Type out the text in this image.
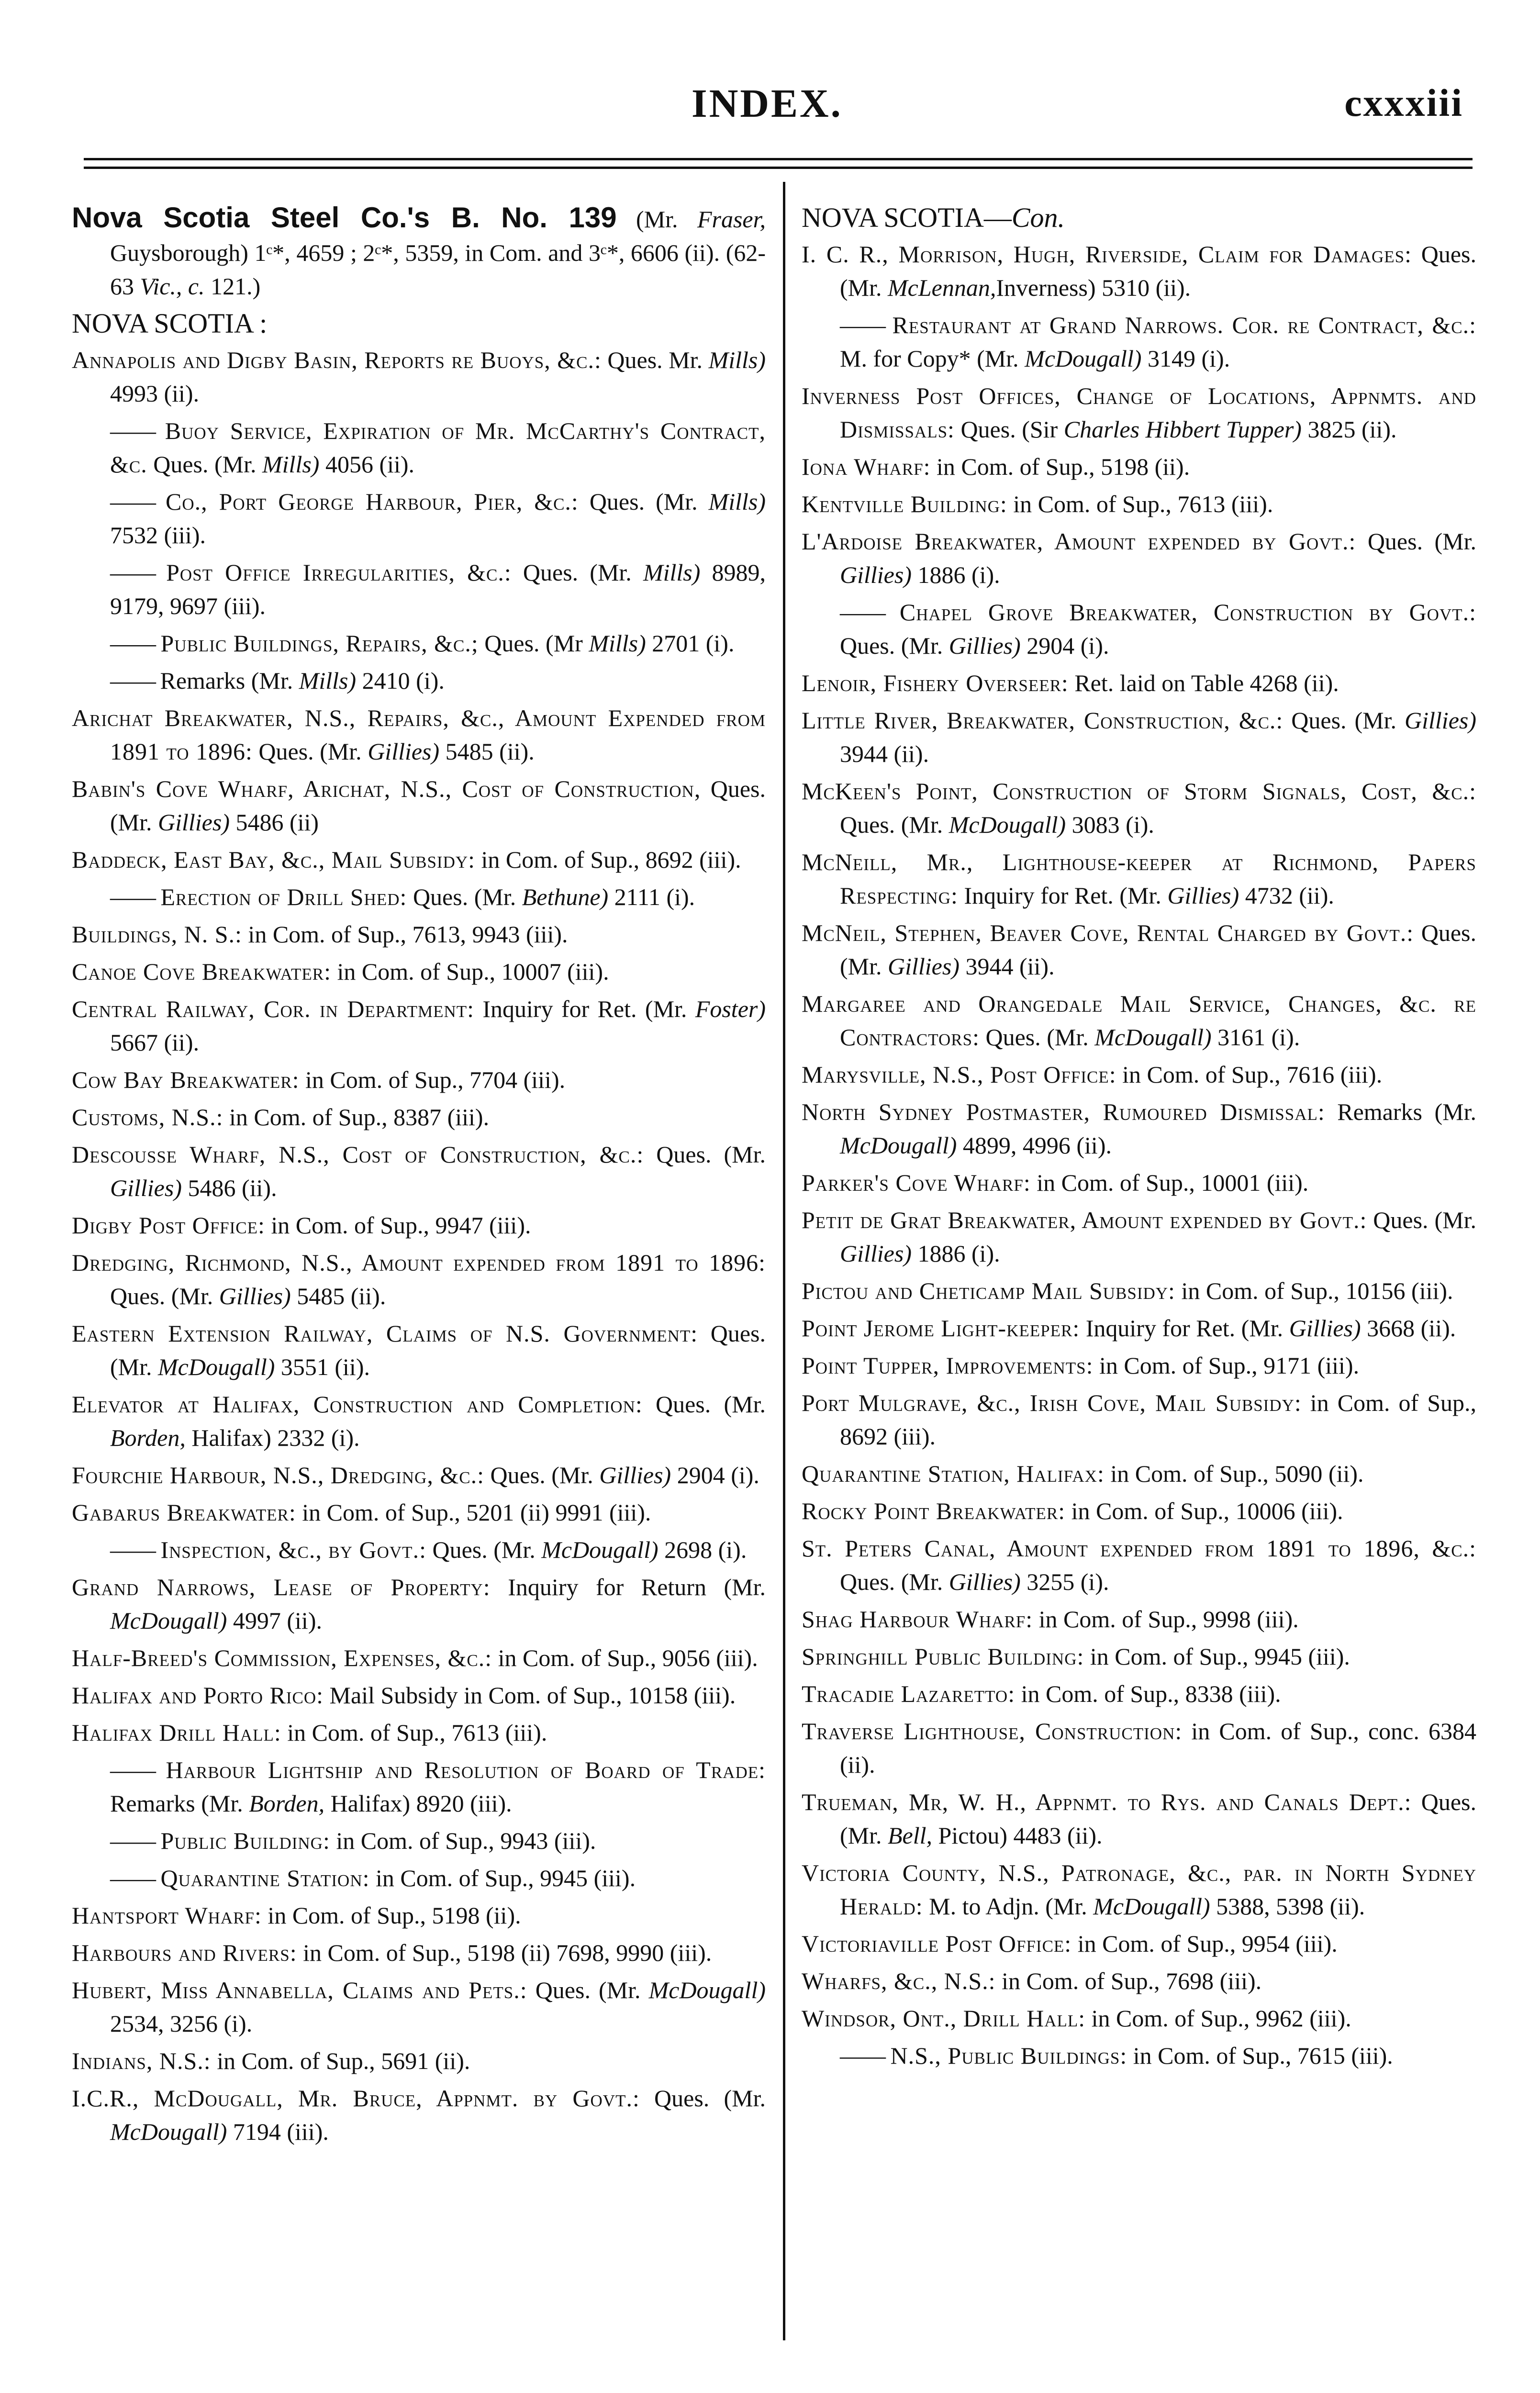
INDEX.	cxxxiii
Nova Scotia Steel Co.'s B. No. 139 (Mr. Fraser, Guysborough) 1ᶜ*, 4659 ; 2ᶜ*, 5359, in Com. and 3ᶜ*, 6606 (ii). (62-63 Vic., c. 121.)
NOVA SCOTIA :
Annapolis and Digby Basin, Reports re Buoys, &c.: Ques. Mr. Mills) 4993 (ii).
—— Buoy Service, Expiration of Mr. McCarthy's Contract, &c. Ques. (Mr. Mills) 4056 (ii).
—— Co., Port George Harbour, Pier, &c.: Ques. (Mr. Mills) 7532 (iii).
—— Post Office Irregularities, &c.: Ques. (Mr. Mills) 8989, 9179, 9697 (iii).
—— Public Buildings, Repairs, &c.; Ques. (Mr Mills) 2701 (i).
—— Remarks (Mr. Mills) 2410 (i).
Arichat Breakwater, N.S., Repairs, &c., Amount Expended from 1891 to 1896: Ques. (Mr. Gillies) 5485 (ii).
Babin's Cove Wharf, Arichat, N.S., Cost of Construction, Ques. (Mr. Gillies) 5486 (ii)
Baddeck, East Bay, &c., Mail Subsidy: in Com. of Sup., 8692 (iii).
—— Erection of Drill Shed: Ques. (Mr. Bethune) 2111 (i).
Buildings, N. S.: in Com. of Sup., 7613, 9943 (iii).
Canoe Cove Breakwater: in Com. of Sup., 10007 (iii).
Central Railway, Cor. in Department: Inquiry for Ret. (Mr. Foster) 5667 (ii).
Cow Bay Breakwater: in Com. of Sup., 7704 (iii).
Customs, N.S.: in Com. of Sup., 8387 (iii).
Descousse Wharf, N.S., Cost of Construction, &c.: Ques. (Mr. Gillies) 5486 (ii).
Digby Post Office: in Com. of Sup., 9947 (iii).
Dredging, Richmond, N.S., Amount expended from 1891 to 1896: Ques. (Mr. Gillies) 5485 (ii).
Eastern Extension Railway, Claims of N.S. Government: Ques. (Mr. McDougall) 3551 (ii).
Elevator at Halifax, Construction and Completion: Ques. (Mr. Borden, Halifax) 2332 (i).
Fourchie Harbour, N.S., Dredging, &c.: Ques. (Mr. Gillies) 2904 (i).
Gabarus Breakwater: in Com. of Sup., 5201 (ii) 9991 (iii).
—— Inspection, &c., by Govt.: Ques. (Mr. McDougall) 2698 (i).
Grand Narrows, Lease of Property: Inquiry for Return (Mr. McDougall) 4997 (ii).
Half-Breed's Commission, Expenses, &c.: in Com. of Sup., 9056 (iii).
Halifax and Porto Rico: Mail Subsidy in Com. of Sup., 10158 (iii).
Halifax Drill Hall: in Com. of Sup., 7613 (iii).
—— Harbour Lightship and Resolution of Board of Trade: Remarks (Mr. Borden, Halifax) 8920 (iii).
—— Public Building: in Com. of Sup., 9943 (iii).
—— Quarantine Station: in Com. of Sup., 9945 (iii).
Hantsport Wharf: in Com. of Sup., 5198 (ii).
Harbours and Rivers: in Com. of Sup., 5198 (ii) 7698, 9990 (iii).
Hubert, Miss Annabella, Claims and Pets.: Ques. (Mr. McDougall) 2534, 3256 (i).
Indians, N.S.: in Com. of Sup., 5691 (ii).
I.C.R., McDougall, Mr. Bruce, Appnmt. by Govt.: Ques. (Mr. McDougall) 7194 (iii).
NOVA SCOTIA—Con.
I. C. R., Morrison, Hugh, Riverside, Claim for Damages: Ques. (Mr. McLennan,Inverness) 5310 (ii).
—— Restaurant at Grand Narrows. Cor. re Contract, &c.: M. for Copy* (Mr. McDougall) 3149 (i).
Inverness Post Offices, Change of Locations, Appnmts. and Dismissals: Ques. (Sir Charles Hibbert Tupper) 3825 (ii).
Iona Wharf: in Com. of Sup., 5198 (ii).
Kentville Building: in Com. of Sup., 7613 (iii).
L'Ardoise Breakwater, Amount expended by Govt.: Ques. (Mr. Gillies) 1886 (i).
—— Chapel Grove Breakwater, Construction by Govt.: Ques. (Mr. Gillies) 2904 (i).
Lenoir, Fishery Overseer: Ret. laid on Table 4268 (ii).
Little River, Breakwater, Construction, &c.: Ques. (Mr. Gillies) 3944 (ii).
McKeen's Point, Construction of Storm Signals, Cost, &c.: Ques. (Mr. McDougall) 3083 (i).
McNeill, Mr., Lighthouse-keeper at Richmond, Papers Respecting: Inquiry for Ret. (Mr. Gillies) 4732 (ii).
McNeil, Stephen, Beaver Cove, Rental Charged by Govt.: Ques. (Mr. Gillies) 3944 (ii).
Margaree and Orangedale Mail Service, Changes, &c. re Contractors: Ques. (Mr. McDougall) 3161 (i).
Marysville, N.S., Post Office: in Com. of Sup., 7616 (iii).
North Sydney Postmaster, Rumoured Dismissal: Remarks (Mr. McDougall) 4899, 4996 (ii).
Parker's Cove Wharf: in Com. of Sup., 10001 (iii).
Petit de Grat Breakwater, Amount expended by Govt.: Ques. (Mr. Gillies) 1886 (i).
Pictou and Cheticamp Mail Subsidy: in Com. of Sup., 10156 (iii).
Point Jerome Light-keeper: Inquiry for Ret. (Mr. Gillies) 3668 (ii).
Point Tupper, Improvements: in Com. of Sup., 9171 (iii).
Port Mulgrave, &c., Irish Cove, Mail Subsidy: in Com. of Sup., 8692 (iii).
Quarantine Station, Halifax: in Com. of Sup., 5090 (ii).
Rocky Point Breakwater: in Com. of Sup., 10006 (iii).
St. Peters Canal, Amount expended from 1891 to 1896, &c.: Ques. (Mr. Gillies) 3255 (i).
Shag Harbour Wharf: in Com. of Sup., 9998 (iii).
Springhill Public Building: in Com. of Sup., 9945 (iii).
Tracadie Lazaretto: in Com. of Sup., 8338 (iii).
Traverse Lighthouse, Construction: in Com. of Sup., conc. 6384 (ii).
Trueman, Mr, W. H., Appnmt. to Rys. and Canals Dept.: Ques. (Mr. Bell, Pictou) 4483 (ii).
Victoria County, N.S., Patronage, &c., par. in North Sydney Herald: M. to Adjn. (Mr. McDougall) 5388, 5398 (ii).
Victoriaville Post Office: in Com. of Sup., 9954 (iii).
Wharfs, &c., N.S.: in Com. of Sup., 7698 (iii).
Windsor, Ont., Drill Hall: in Com. of Sup., 9962 (iii).
—— N.S., Public Buildings: in Com. of Sup., 7615 (iii).
